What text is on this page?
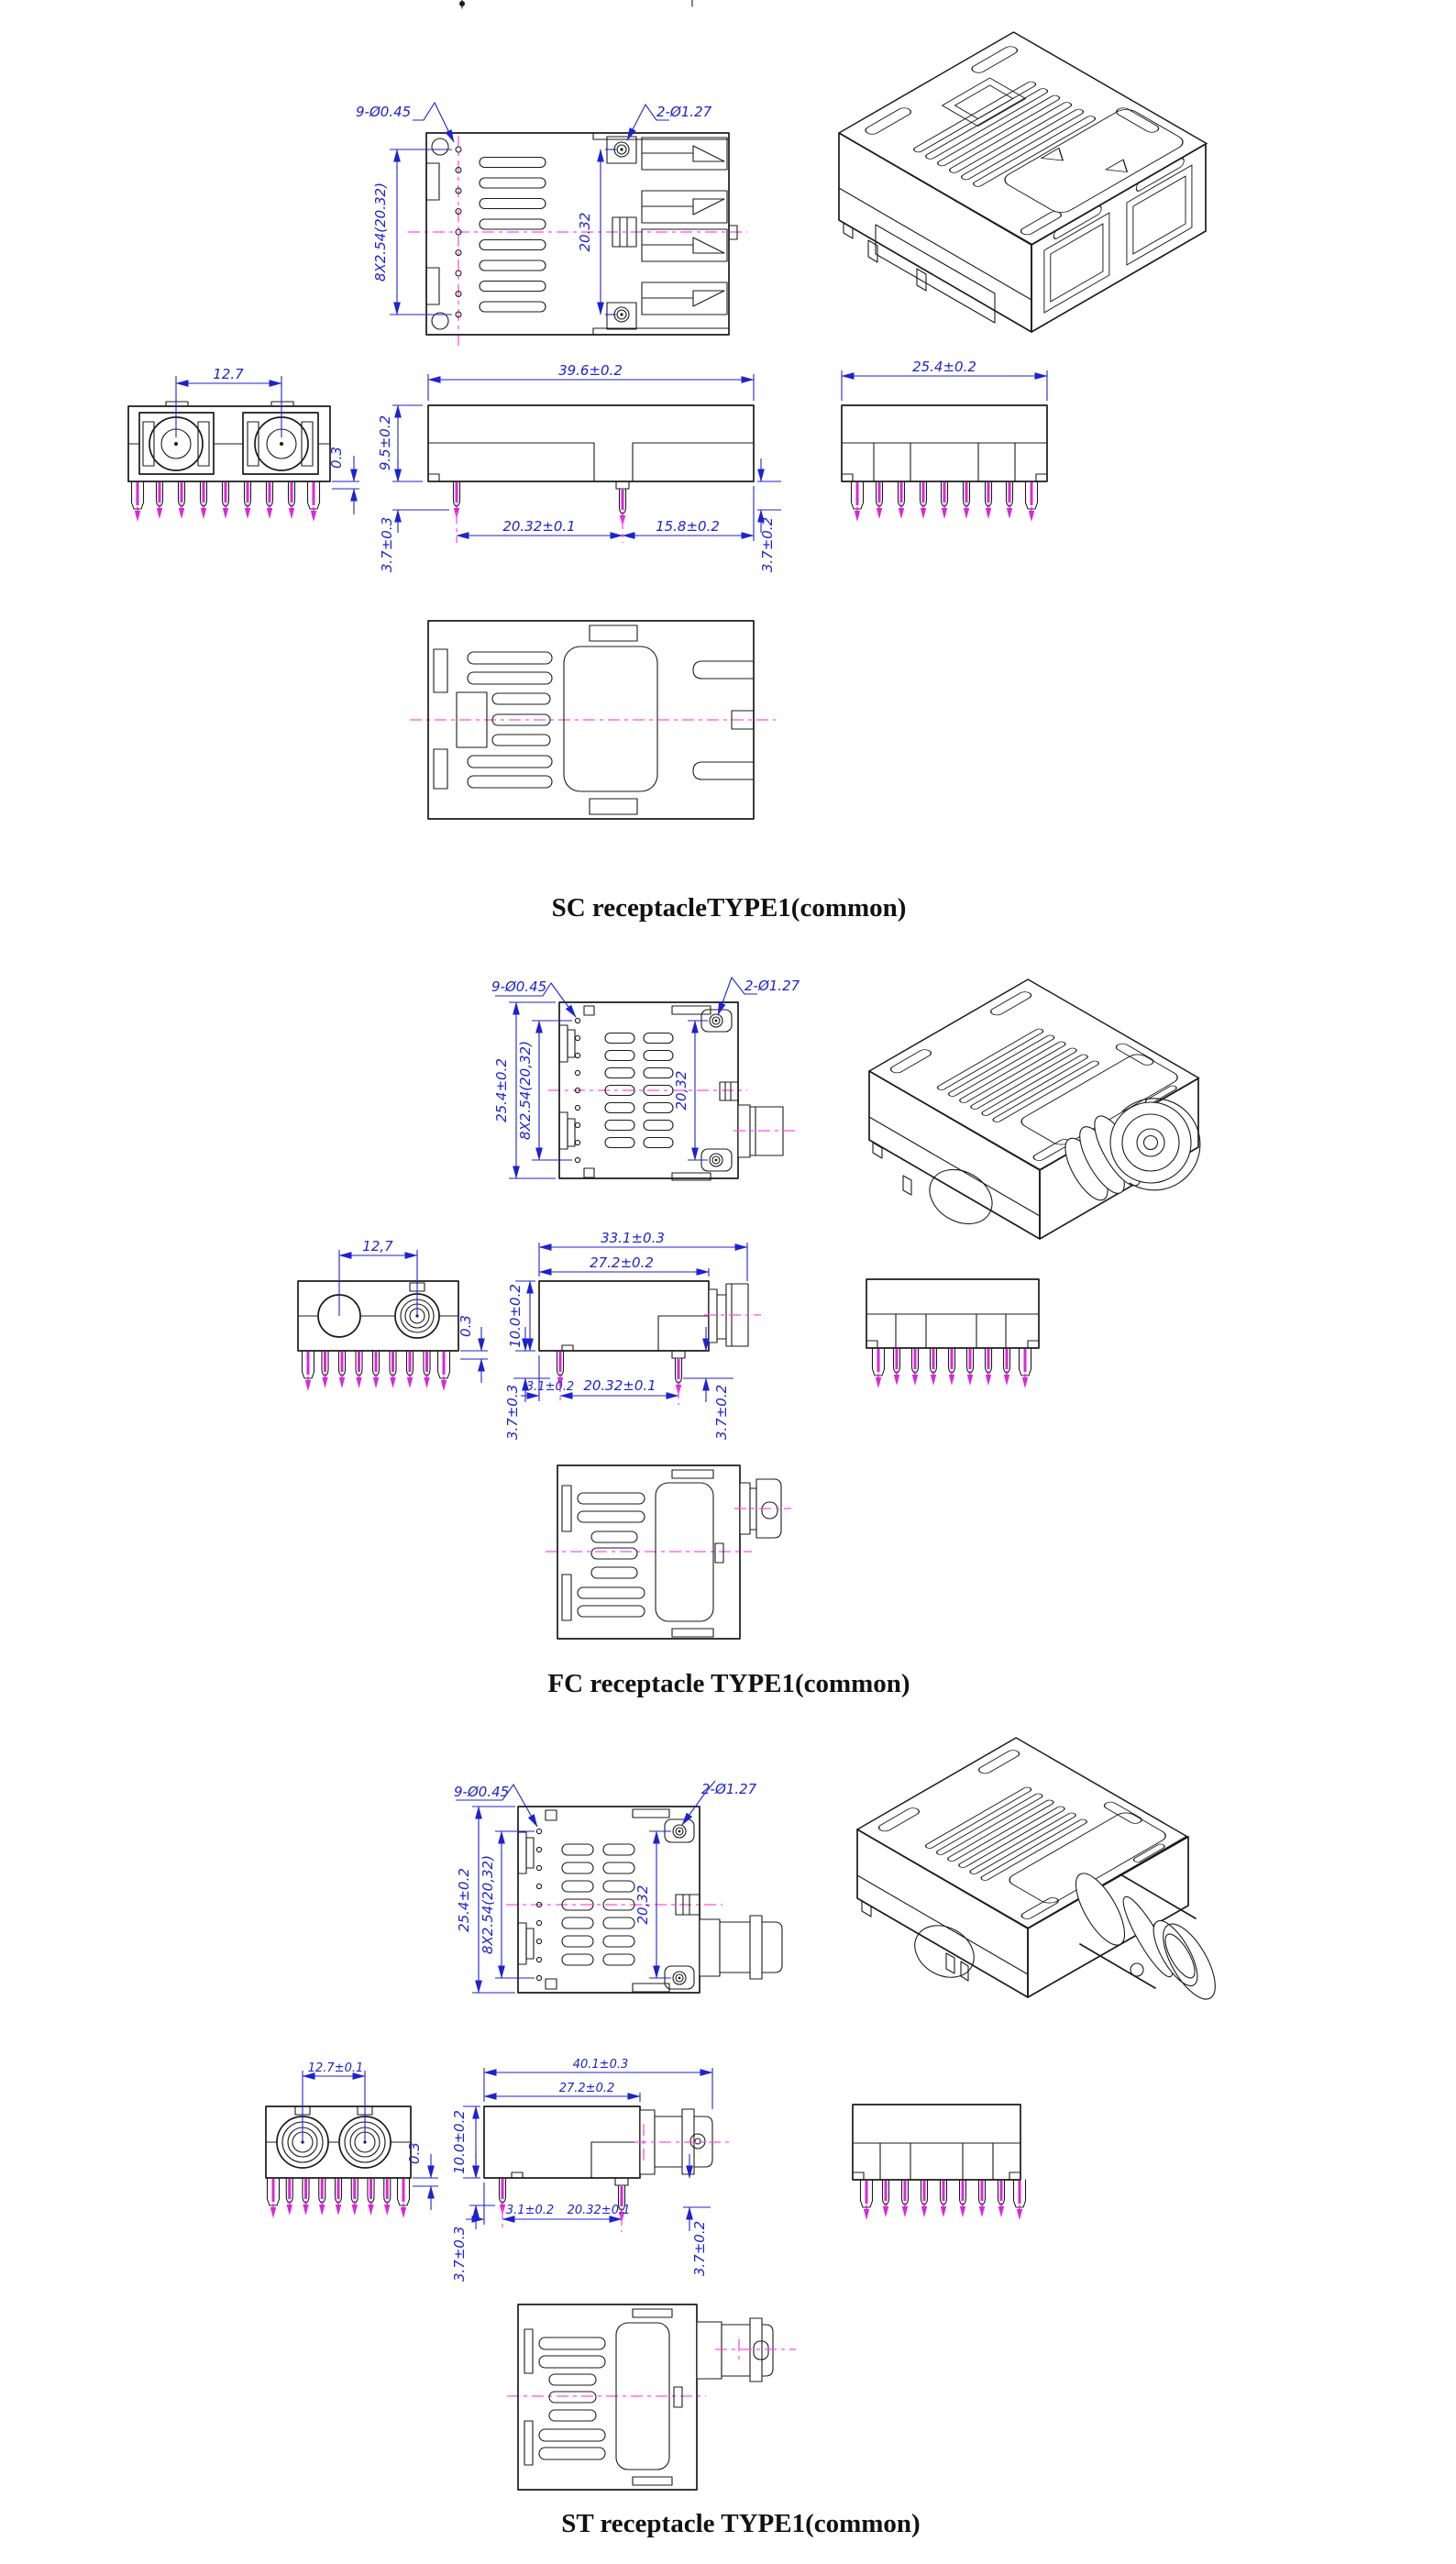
8X2.54(20.32)	20.32
9-Ø0.45	2-Ø1.27
12.7
0.3
39.6±0.2
9.5±0.2
3.7±0.3	20.32±0.1	15.8±0.2	3.7±0.2
25.4±0.2
SC receptacleTYPE1(common)
25.4±0.2 8X2.54(20,32)	20,32
9-Ø0.45	2-Ø1.27
12,7
0.3
33.1±0.3
27.2±0.2
10.0±0.2
3.1±0.2 20.32±0.1
3.7±0.3	3.7±0.2
FC receptacle TYPE1(common)
25.4±0.2 8X2.54(20,32)	20,32
9-Ø0.45	2-Ø1.27
12.7±0.1
0.3
40.1±0.3
27.2±0.2
10.0±0.2
3.1±0.2 20.32±0.1
3.7±0.3	3.7±0.2
ST receptacle TYPE1(common)
